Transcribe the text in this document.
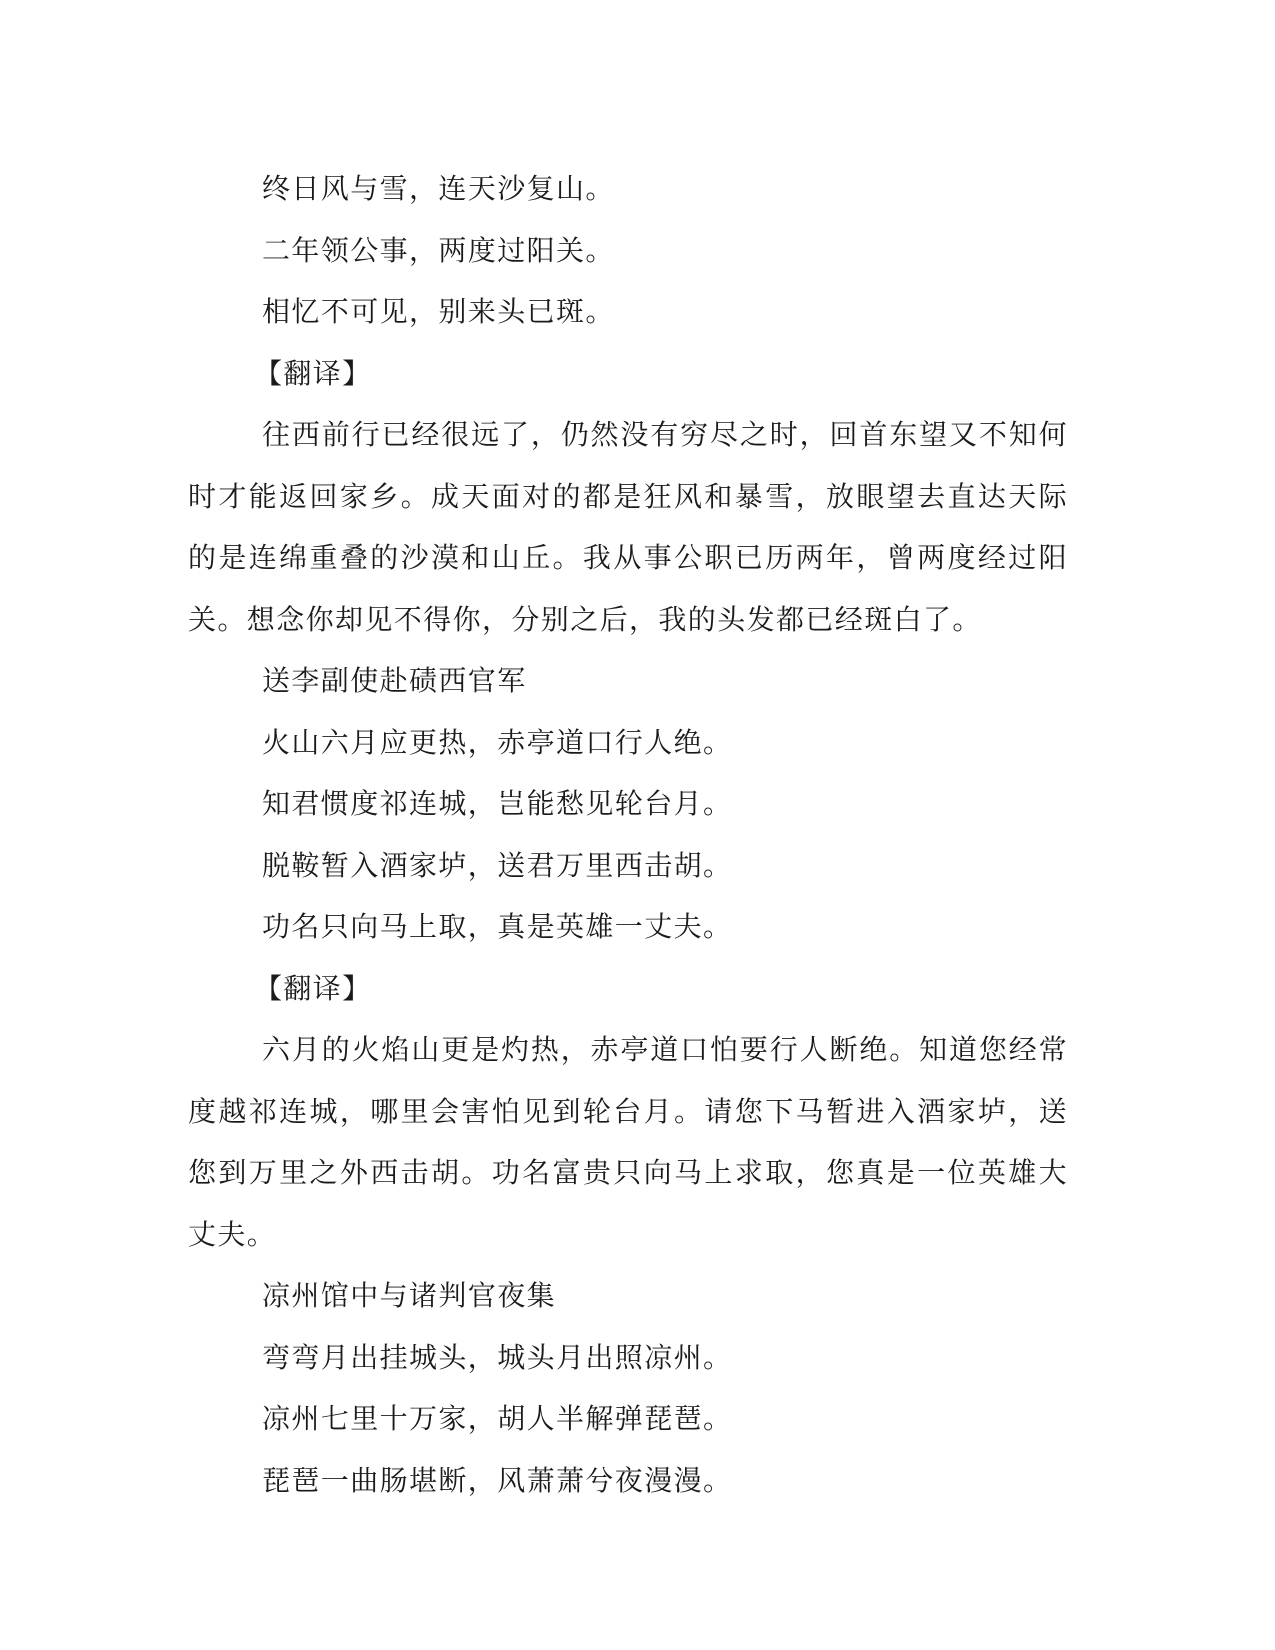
终日风与雪，连天沙复山。
二年领公事，两度过阳关。
相忆不可见，别来头已斑。
【翻译】

往西前行已经很远了，仍然没有穷尽之时，回首东望又不知何时才能返回家乡。成天面对的都是狂风和暴雪，放眼望去直达天际的是连绵重叠的沙漠和山丘。我从事公职已历两年，曾两度经过阳关。想念你却见不得你，分别之后，我的头发都已经斑白了。

送李副使赴碛西官军
火山六月应更热，赤亭道口行人绝。
知君惯度祁连城，岂能愁见轮台月。
脱鞍暂入酒家垆，送君万里西击胡。
功名只向马上取，真是英雄一丈夫。
【翻译】

六月的火焰山更是灼热，赤亭道口怕要行人断绝。知道您经常度越祁连城，哪里会害怕见到轮台月。请您下马暂进入酒家垆，送您到万里之外西击胡。功名富贵只向马上求取，您真是一位英雄大丈夫。

凉州馆中与诸判官夜集
弯弯月出挂城头，城头月出照凉州。
凉州七里十万家，胡人半解弹琵琶。
琵琶一曲肠堪断，风萧萧兮夜漫漫。
